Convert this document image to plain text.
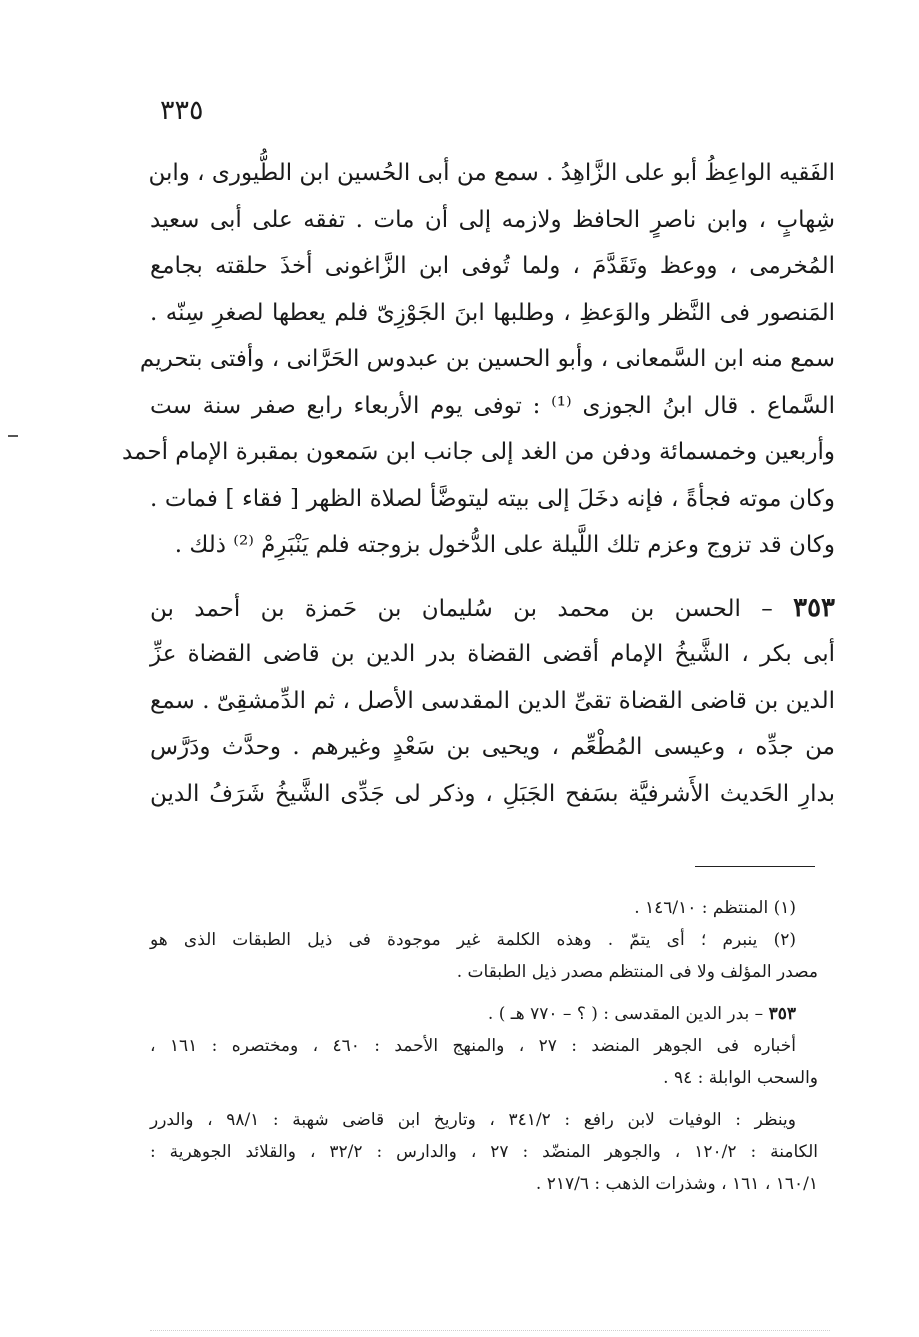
٣٣٥
الفَقيه الواعِظُ أبو على الزَّاهِدُ . سمع من أبى الحُسين ابن الطُّيورى ، وابن
شِهابٍ ، وابن ناصرٍ الحافظ ولازمه إلى أن مات . تفقه على أبى سعيد
المُخرمى ، ووعظ وتَقَدَّمَ ، ولما تُوفى ابن الزَّاغونى أخذَ حلقته بجامع
المَنصور فى النَّظر والوَعظِ ، وطلبها ابنَ الجَوْزِىّ فلم يعطها لصغرِ سِنّه .
سمع منه ابن السَّمعانى ، وأبو الحسين بن عبدوس الحَرَّانى ، وأفتى بتحريم
السَّماع . قال ابنُ الجوزى ⁽¹⁾ : توفى يوم الأربعاء رابع صفر سنة ست
وأربعين وخمسمائة ودفن من الغد إلى جانب ابن سَمعون بمقبرة الإمام أحمد
وكان موته فجأةً ، فإنه دخَلَ إلى بيته ليتوضَّأ لصلاة الظهر [ فقاء ] فمات .
وكان قد تزوج وعزم تلك اللَّيلة على الدُّخول بزوجته فلم يَنْبَرِمْ ⁽²⁾ ذلك .
٣٥٣ – الحسن بن محمد بن سُليمان بن حَمزة بن أحمد بن
أبى بكر ، الشَّيخُ الإمام أقضى القضاة بدر الدين بن قاضى القضاة عزِّ
الدين بن قاضى القضاة تقىِّ الدين المقدسى الأصل ، ثم الدِّمشقِىّ . سمع
من جدِّه ، وعيسى المُطْعِّم ، ويحيى بن سَعْدٍ وغيرهم . وحدَّث ودَرَّس
بدارِ الحَديث الأَشرفيَّة بسَفح الجَبَلِ ، وذكر لى جَدِّى الشَّيخُ شَرَفُ الدين
(١) المنتظم : ١٤٦/١٠ .
(٢) ينبرم ؛ أى يتمّ . وهذه الكلمة غير موجودة فى ذيل الطبقات الذى هو
مصدر المؤلف ولا فى المنتظم مصدر ذيل الطبقات .
٣٥٣ – بدر الدين المقدسى : ( ؟ – ٧٧٠ هـ ) .
أخباره فى الجوهر المنضد : ٢٧ ، والمنهج الأحمد : ٤٦٠ ، ومختصره : ١٦١ ،
والسحب الوابلة : ٩٤ .
وينظر : الوفيات لابن رافع : ٣٤١/٢ ، وتاريخ ابن قاضى شهبة : ٩٨/١ ، والدرر
الكامنة : ١٢٠/٢ ، والجوهر المنضّد : ٢٧ ، والدارس : ٣٢/٢ ، والقلائد الجوهرية :
١٦٠/١ ، ١٦١ ، وشذرات الذهب : ٢١٧/٦ .
